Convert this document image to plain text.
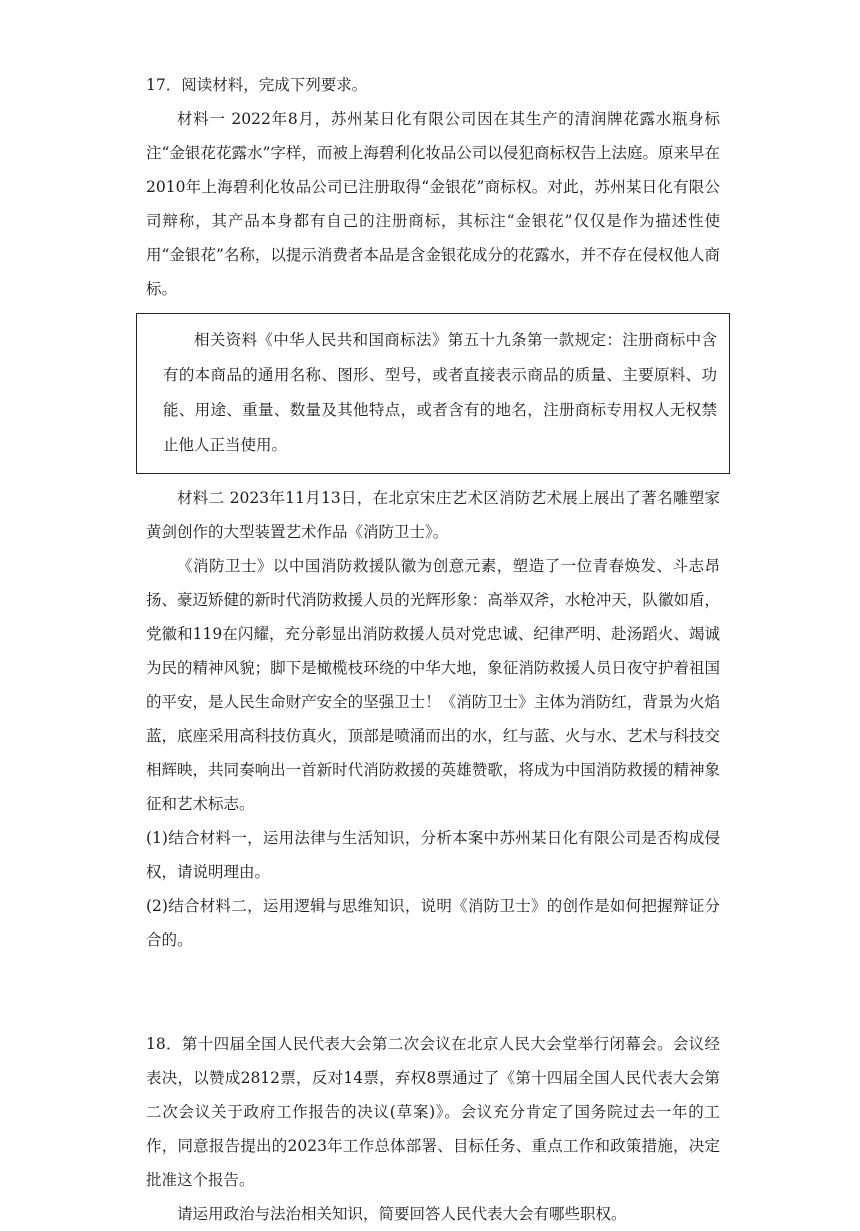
17．阅读材料，完成下列要求。

材料一 2022年8月，苏州某日化有限公司因在其生产的清润牌花露水瓶身标注“金银花花露水”字样，而被上海碧利化妆品公司以侵犯商标权告上法庭。原来早在2010年上海碧利化妆品公司已注册取得“金银花”商标权。对此，苏州某日化有限公司辩称，其产品本身都有自己的注册商标，其标注“金银花”仅仅是作为描述性使用“金银花”名称，以提示消费者本品是含金银花成分的花露水，并不存在侵权他人商标。

相关资料《中华人民共和国商标法》第五十九条第一款规定：注册商标中含有的本商品的通用名称、图形、型号，或者直接表示商品的质量、主要原料、功能、用途、重量、数量及其他特点，或者含有的地名，注册商标专用权人无权禁止他人正当使用。

材料二 2023年11月13日，在北京宋庄艺术区消防艺术展上展出了著名雕塑家黄剑创作的大型装置艺术作品《消防卫士》。

《消防卫士》以中国消防救援队徽为创意元素，塑造了一位青春焕发、斗志昂扬、豪迈矫健的新时代消防救援人员的光辉形象：高举双斧，水枪冲天，队徽如盾，党徽和119在闪耀，充分彰显出消防救援人员对党忠诚、纪律严明、赴汤蹈火、竭诚为民的精神风貌；脚下是橄榄枝环绕的中华大地，象征消防救援人员日夜守护着祖国的平安，是人民生命财产安全的坚强卫士！《消防卫士》主体为消防红，背景为火焰蓝，底座采用高科技仿真火，顶部是喷涌而出的水，红与蓝、火与水、艺术与科技交相辉映，共同奏响出一首新时代消防救援的英雄赞歌，将成为中国消防救援的精神象征和艺术标志。

(1)结合材料一，运用法律与生活知识，分析本案中苏州某日化有限公司是否构成侵权，请说明理由。

(2)结合材料二，运用逻辑与思维知识，说明《消防卫士》的创作是如何把握辩证分合的。

18．第十四届全国人民代表大会第二次会议在北京人民大会堂举行闭幕会。会议经表决，以赞成2812票，反对14票，弃权8票通过了《第十四届全国人民代表大会第二次会议关于政府工作报告的决议(草案)》。会议充分肯定了国务院过去一年的工作，同意报告提出的2023年工作总体部署、目标任务、重点工作和政策措施，决定批准这个报告。

请运用政治与法治相关知识，简要回答人民代表大会有哪些职权。
